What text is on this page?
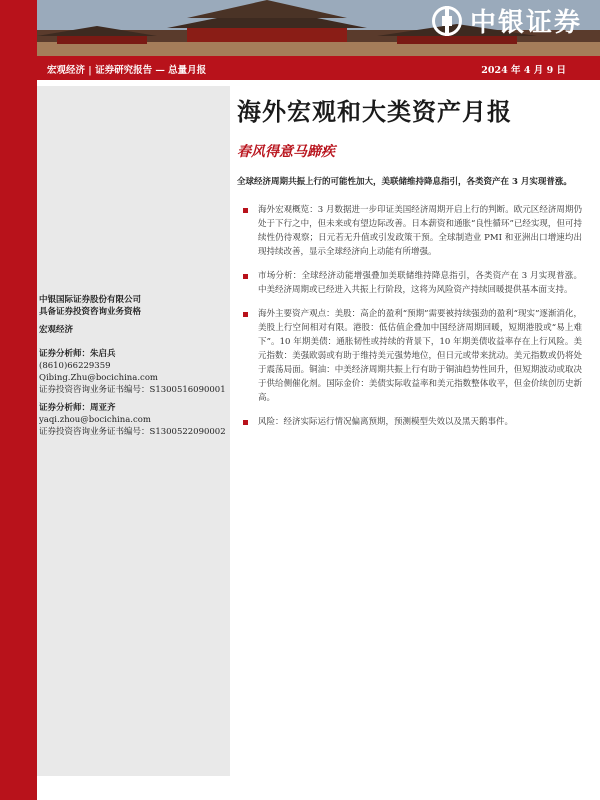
中银证券
宏观经济 | 证券研究报告 — 总量月报	2024 年 4 月 9 日
中银国际证券股份有限公司
具备证券投资咨询业务资格
宏观经济
证券分析师：朱启兵
(8610)66229359
Qibing.Zhu@bocichina.com
证券投资咨询业务证书编号：S1300516090001
证券分析师：周亚齐
yaqi.zhou@bocichina.com
证券投资咨询业务证书编号：S1300522090002
海外宏观和大类资产月报
春风得意马蹄疾
全球经济周期共振上行的可能性加大，美联储维持降息指引，各类资产在 3 月实现普涨。
海外宏观概览：3 月数据进一步印证美国经济周期开启上行的判断。欧元区经济周期仍处于下行之中，但未来或有望边际改善。日本薪资和通胀“良性循环”已经实现，但可持续性仍待观察；日元若无升值或引发政策干预。全球制造业 PMI 和亚洲出口增速均出现持续改善，显示全球经济向上动能有所增强。
市场分析：全球经济动能增强叠加美联储维持降息指引，各类资产在 3 月实现普涨。中美经济周期或已经进入共振上行阶段，这将为风险资产持续回暖提供基本面支持。
海外主要资产观点：美股：高企的盈利“预期”需要被持续强劲的盈利“现实”逐渐消化，美股上行空间相对有限。港股：低估值企叠加中国经济周期回暖，短期港股或“易上难下”。10 年期美债：通胀韧性或持续的背景下，10 年期美债收益率存在上行风险。美元指数：美强欧弱或有助于维持美元强势地位，但日元或带来扰动。美元指数或仍将处于震荡局面。铜油：中美经济周期共振上行有助于铜油趋势性回升，但短期波动或取决于供给侧催化剂。国际金价：美债实际收益率和美元指数整体收平，但金价续创历史新高。
风险：经济实际运行情况偏离预期，预测模型失效以及黑天鹅事件。
